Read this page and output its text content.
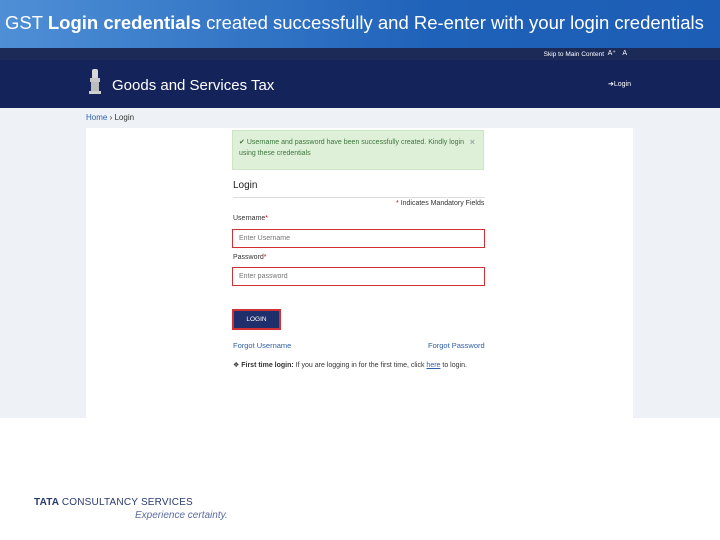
GST Login credentials created successfully and Re-enter with your login credentials
Skip to Main Content A⁺ A
Goods and Services Tax	➜Login
Home › Login
✔ Username and password have been successfully created. Kindly login using these credentials
×
Login
* Indicates Mandatory Fields
Username*
Enter Username
Password*
LOGIN
Forgot Username	Forgot Password
❖ First time login: If you are logging in for the first time, click here to login.
TATA CONSULTANCY SERVICES
Experience certainty.
